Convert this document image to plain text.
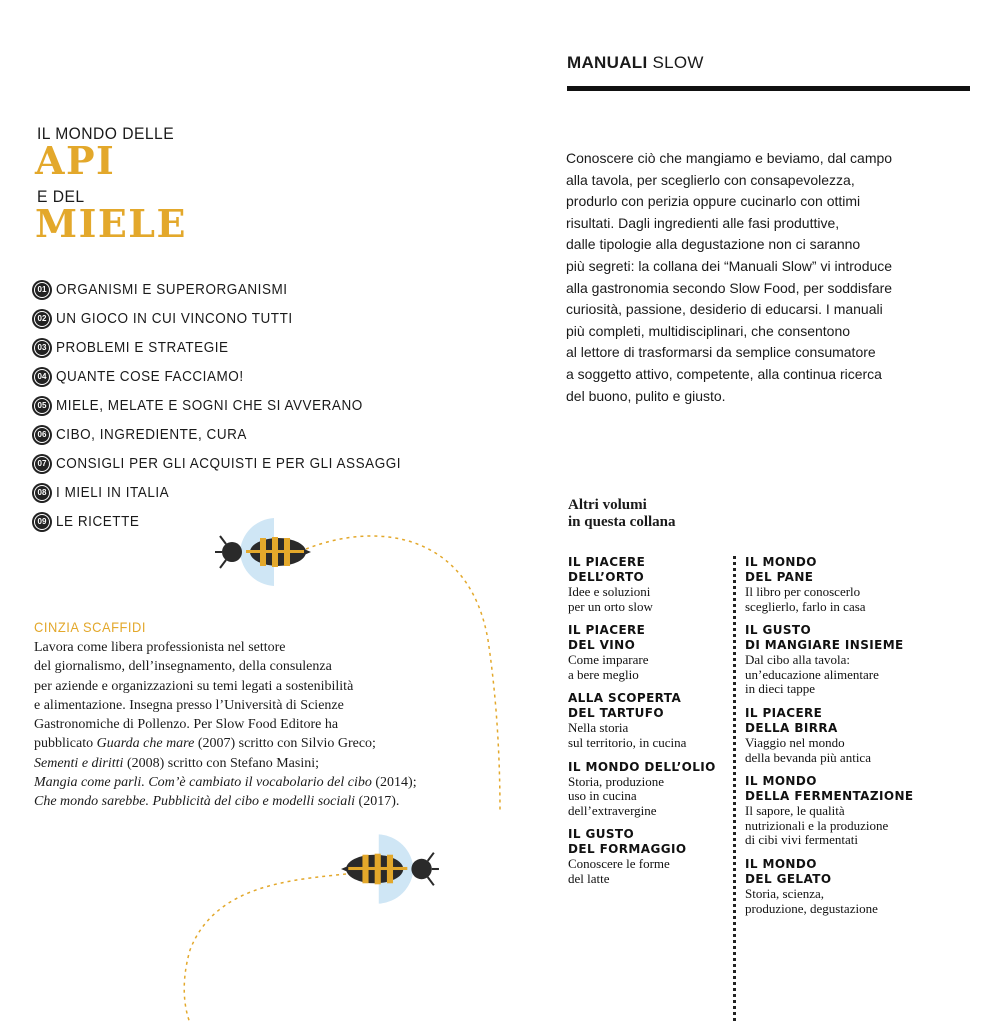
MANUALI SLOW
IL MONDO DELLE
API
E DEL
MIELE
01 ORGANISMI E SUPERORGANISMI
02 UN GIOCO IN CUI VINCONO TUTTI
03 PROBLEMI E STRATEGIE
04 QUANTE COSE FACCIAMO!
05 MIELE, MELATE E SOGNI CHE SI AVVERANO
06 CIBO, INGREDIENTE, CURA
07 CONSIGLI PER GLI ACQUISTI E PER GLI ASSAGGI
08 I MIELI IN ITALIA
09 LE RICETTE
CINZIA SCAFFIDI
Lavora come libera professionista nel settore
del giornalismo, dell’insegnamento, della consulenza
per aziende e organizzazioni su temi legati a sostenibilità
e alimentazione. Insegna presso l’Università di Scienze
Gastronomiche di Pollenzo. Per Slow Food Editore ha
pubblicato Guarda che mare (2007) scritto con Silvio Greco;
Sementi e diritti (2008) scritto con Stefano Masini;
Mangia come parli. Com’è cambiato il vocabolario del cibo (2014);
Che mondo sarebbe. Pubblicità del cibo e modelli sociali (2017).
Conoscere ciò che mangiamo e beviamo, dal campo
alla tavola, per sceglierlo con consapevolezza,
produrlo con perizia oppure cucinarlo con ottimi
risultati. Dagli ingredienti alle fasi produttive,
dalle tipologie alla degustazione non ci saranno
più segreti: la collana dei “Manuali Slow” vi introduce
alla gastronomia secondo Slow Food, per soddisfare
curiosità, passione, desiderio di educarsi. I manuali
più completi, multidisciplinari, che consentono
al lettore di trasformarsi da semplice consumatore
a soggetto attivo, competente, alla continua ricerca
del buono, pulito e giusto.
Altri volumi
in questa collana
IL PIACERE
DELL’ORTO
Idee e soluzioni
per un orto slow
IL PIACERE
DEL VINO
Come imparare
a bere meglio
ALLA SCOPERTA
DEL TARTUFO
Nella storia
sul territorio, in cucina
IL MONDO DELL’OLIO
Storia, produzione
uso in cucina
dell’extravergine
IL GUSTO
DEL FORMAGGIO
Conoscere le forme
del latte
IL MONDO
DEL PANE
Il libro per conoscerlo
sceglierlo, farlo in casa
IL GUSTO
DI MANGIARE INSIEME
Dal cibo alla tavola:
un’educazione alimentare
in dieci tappe
IL PIACERE
DELLA BIRRA
Viaggio nel mondo
della bevanda più antica
IL MONDO
DELLA FERMENTAZIONE
Il sapore, le qualità
nutrizionali e la produzione
di cibi vivi fermentati
IL MONDO
DEL GELATO
Storia, scienza,
produzione, degustazione
